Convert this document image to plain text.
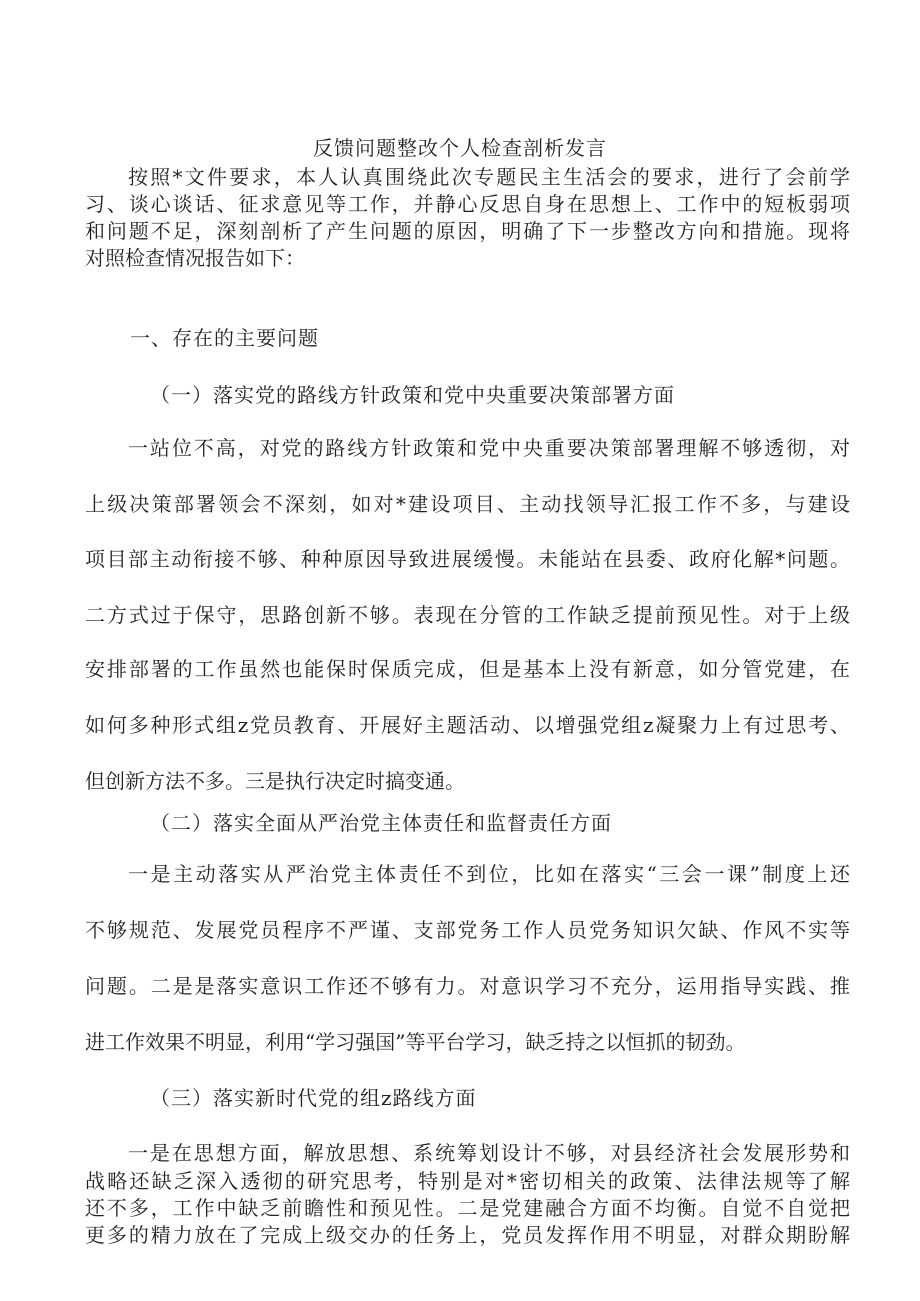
反馈问题整改个人检查剖析发言
按照*文件要求，本人认真围绕此次专题民主生活会的要求，进行了会前学
习、谈心谈话、征求意见等工作，并静心反思自身在思想上、工作中的短板弱项
和问题不足，深刻剖析了产生问题的原因，明确了下一步整改方向和措施。现将
对照检查情况报告如下：
一、存在的主要问题
（一）落实党的路线方针政策和党中央重要决策部署方面
一站位不高，对党的路线方针政策和党中央重要决策部署理解不够透彻，对
上级决策部署领会不深刻，如对*建设项目、主动找领导汇报工作不多，与建设
项目部主动衔接不够、种种原因导致进展缓慢。未能站在县委、政府化解*问题。
二方式过于保守，思路创新不够。表现在分管的工作缺乏提前预见性。对于上级
安排部署的工作虽然也能保时保质完成，但是基本上没有新意，如分管党建，在
如何多种形式组z党员教育、开展好主题活动、以增强党组z凝聚力上有过思考、
但创新方法不多。三是执行决定时搞变通。
（二）落实全面从严治党主体责任和监督责任方面
一是主动落实从严治党主体责任不到位，比如在落实“三会一课”制度上还
不够规范、发展党员程序不严谨、支部党务工作人员党务知识欠缺、作风不实等
问题。二是是落实意识工作还不够有力。对意识学习不充分，运用指导实践、推
进工作效果不明显，利用“学习强国”等平台学习，缺乏持之以恒抓的韧劲。
（三）落实新时代党的组z路线方面
一是在思想方面，解放思想、系统筹划设计不够，对县经济社会发展形势和
战略还缺乏深入透彻的研究思考，特别是对*密切相关的政策、法律法规等了解
还不多，工作中缺乏前瞻性和预见性。二是党建融合方面不均衡。自觉不自觉把
更多的精力放在了完成上级交办的任务上，党员发挥作用不明显，对群众期盼解
